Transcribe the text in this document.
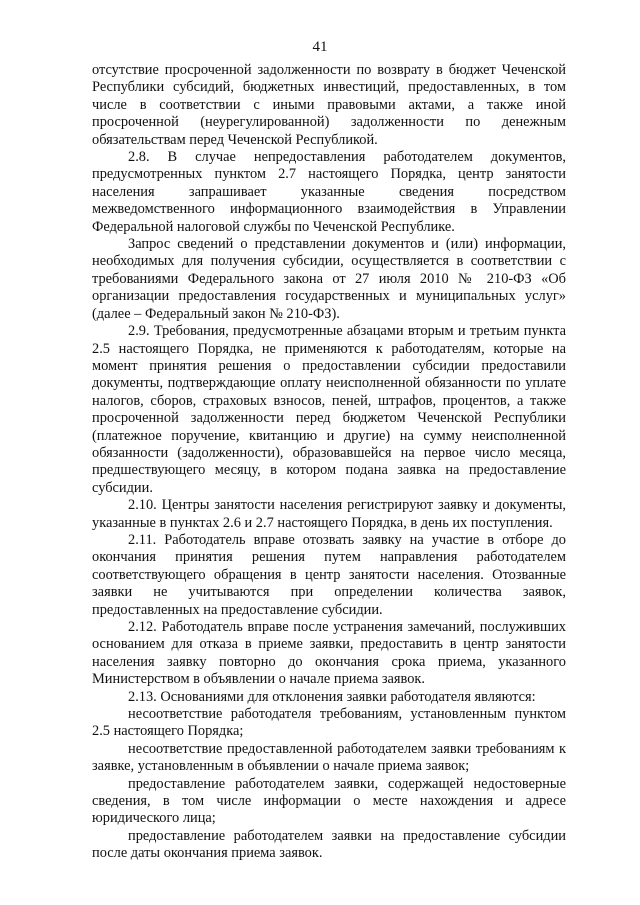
41

отсутствие просроченной задолженности по возврату в бюджет Чеченской Республики субсидий, бюджетных инвестиций, предоставленных, в том числе в соответствии с иными правовыми актами, а также иной просроченной (неурегулированной) задолженности по денежным обязательствам перед Чеченской Республикой.

2.8. В случае непредоставления работодателем документов, предусмотренных пунктом 2.7 настоящего Порядка, центр занятости населения запрашивает указанные сведения посредством межведомственного информационного взаимодействия в Управлении Федеральной налоговой службы по Чеченской Республике.

Запрос сведений о представлении документов и (или) информации, необходимых для получения субсидии, осуществляется в соответствии с требованиями Федерального закона от 27 июля 2010 № 210-ФЗ «Об организации предоставления государственных и муниципальных услуг» (далее – Федеральный закон № 210-ФЗ).

2.9. Требования, предусмотренные абзацами вторым и третьим пункта 2.5 настоящего Порядка, не применяются к работодателям, которые на момент принятия решения о предоставлении субсидии предоставили документы, подтверждающие оплату неисполненной обязанности по уплате налогов, сборов, страховых взносов, пеней, штрафов, процентов, а также просроченной задолженности перед бюджетом Чеченской Республики (платежное поручение, квитанцию и другие) на сумму неисполненной обязанности (задолженности), образовавшейся на первое число месяца, предшествующего месяцу, в котором подана заявка на предоставление субсидии.

2.10. Центры занятости населения регистрируют заявку и документы, указанные в пунктах 2.6 и 2.7 настоящего Порядка, в день их поступления.

2.11. Работодатель вправе отозвать заявку на участие в отборе до окончания принятия решения путем направления работодателем соответствующего обращения в центр занятости населения. Отозванные заявки не учитываются при определении количества заявок, предоставленных на предоставление субсидии.

2.12. Работодатель вправе после устранения замечаний, послуживших основанием для отказа в приеме заявки, предоставить в центр занятости населения заявку повторно до окончания срока приема, указанного Министерством в объявлении о начале приема заявок.

2.13. Основаниями для отклонения заявки работодателя являются:

несоответствие работодателя требованиям, установленным пунктом 2.5 настоящего Порядка;

несоответствие предоставленной работодателем заявки требованиям к заявке, установленным в объявлении о начале приема заявок;

предоставление работодателем заявки, содержащей недостоверные сведения, в том числе информации о месте нахождения и адресе юридического лица;

предоставление работодателем заявки на предоставление субсидии после даты окончания приема заявок.
